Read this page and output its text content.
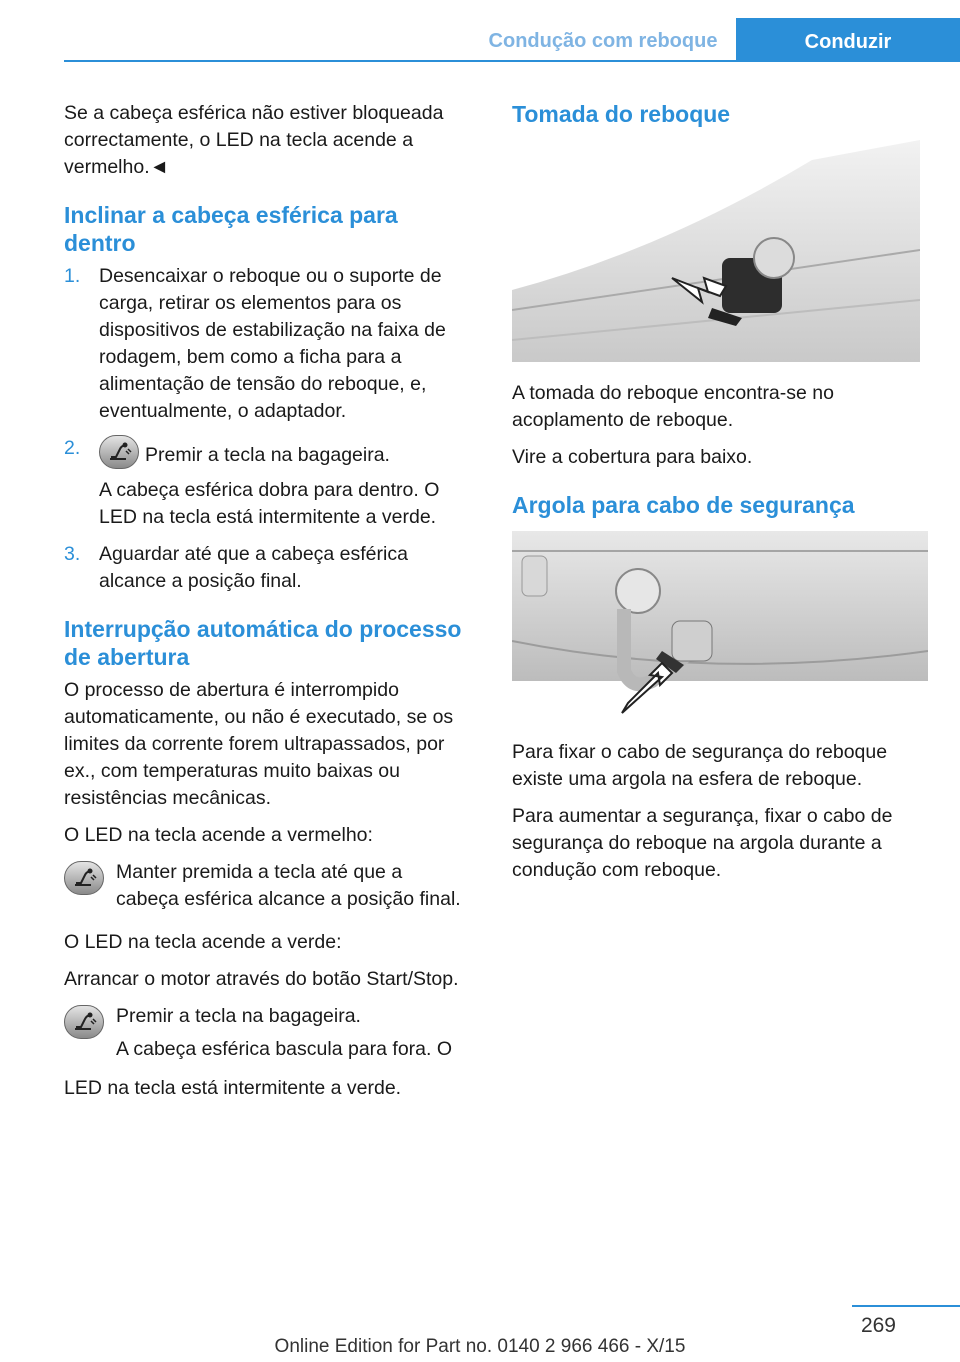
Condução com reboque	Conduzir

Se a cabeça esférica não estiver bloqueada correctamente, o LED na tecla acende a vermelho.◄

Inclinar a cabeça esférica para dentro
1. Desencaixar o reboque ou o suporte de carga, retirar os elementos para os dispositivos de estabilização na faixa de rodagem, bem como a ficha para a alimentação de tensão do reboque, e, eventualmente, o adaptador.

2.	Premir a tecla na bagageira.

A cabeça esférica dobra para dentro. O LED na tecla está intermitente a verde.

3. Aguardar até que a cabeça esférica alcance a posição final.

Interrupção automática do processo de abertura

O processo de abertura é interrompido automaticamente, ou não é executado, se os limites da corrente forem ultrapassados, por ex., com temperaturas muito baixas ou resistências mecânicas.

O LED na tecla acende a vermelho:

Manter premida a tecla até que a cabeça esférica alcance a posição final.

O LED na tecla acende a verde:

Arrancar o motor através do botão Start/Stop.

Premir a tecla na bagageira.

A cabeça esférica bascula para fora. O

LED na tecla está intermitente a verde.

Tomada do reboque

A tomada do reboque encontra-se no acoplamento de reboque.

Vire a cobertura para baixo.

Argola para cabo de segurança

Para fixar o cabo de segurança do reboque existe uma argola na esfera de reboque.

Para aumentar a segurança, fixar o cabo de segurança do reboque na argola durante a condução com reboque.

269
Online Edition for Part no. 0140 2 966 466 - X/15
